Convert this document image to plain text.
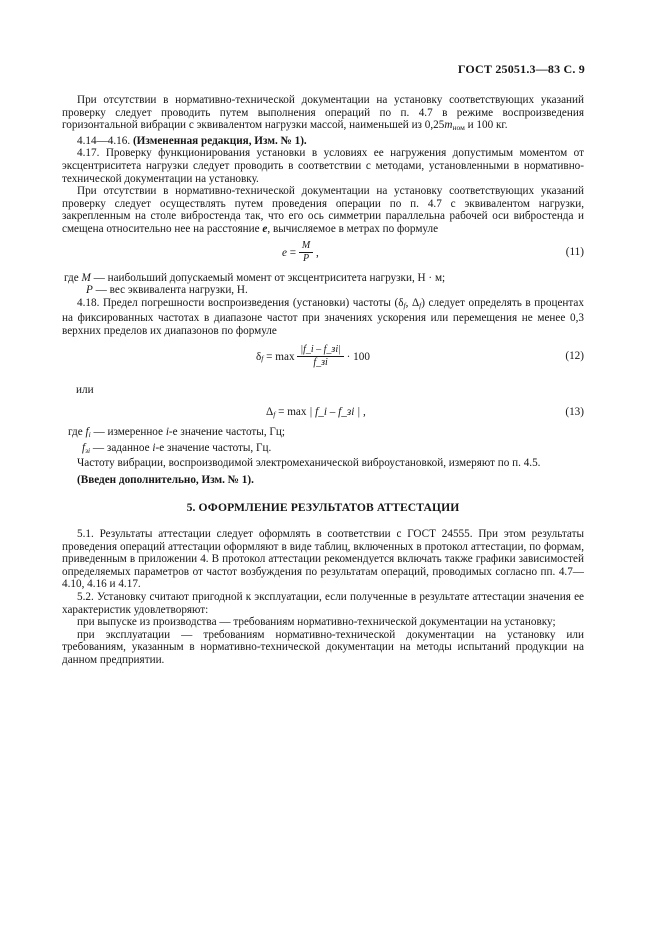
ГОСТ 25051.3—83 С. 9

При отсутствии в нормативно-технической документации на установку соответствующих указаний проверку следует проводить путем выполнения операций по п. 4.7 в режиме воспроизведения горизонтальной вибрации с эквивалентом нагрузки массой, наименьшей из $0,25m_{ном}$ и 100 кг.

4.14—4.16. (Измененная редакция, Изм. № 1).

4.17. Проверку функционирования установки в условиях ее нагружения допустимым моментом от эксцентриситета нагрузки следует проводить в соответствии с методами, установленными в нормативно-технической документации на установку.

При отсутствии в нормативно-технической документации на установку соответствующих указаний проверку следует осуществлять путем проведения операции по п. 4.7 с эквивалентом нагрузки, закрепленным на столе вибростенда так, что его ось симметрии параллельна рабочей оси вибростенда и смещена относительно нее на расстояние e, вычисляемое в метрах по формуле

$e = \frac{M}{P}$ ,	(11)

где M — наибольший допускаемый момент от эксцентриситета нагрузки, Н · м;

P — вес эквивалента нагрузки, Н.

4.18. Предел погрешности воспроизведения (установки) частоты ($\delta_f$, $\Delta_f$) следует определять в процентах на фиксированных частотах в диапазоне частот при значениях ускорения или перемещения не менее 0,3 верхних пределов их диапазонов по формуле

$\delta_f = \max \frac{|f\_i - f\_зi|}{f\_зi} \cdot 100$	(12)

или

$\Delta_f = \max$ | f_i – f_зi | ,	(13)

где $f_i$ — измеренное i-е значение частоты, Гц;

$f_{зi}$ — заданное i-е значение частоты, Гц.

Частоту вибрации, воспроизводимой электромеханической виброустановкой, измеряют по п. 4.5.

(Введен дополнительно, Изм. № 1).

5. ОФОРМЛЕНИЕ РЕЗУЛЬТАТОВ АТТЕСТАЦИИ

5.1. Результаты аттестации следует оформлять в соответствии с ГОСТ 24555. При этом результаты проведения операций аттестации оформляют в виде таблиц, включенных в протокол аттестации, по формам, приведенным в приложении 4. В протокол аттестации рекомендуется включать также графики зависимостей определяемых параметров от частот возбуждения по результатам операций, проводимых согласно пп. 4.7—4.10, 4.16 и 4.17.

5.2. Установку считают пригодной к эксплуатации, если полученные в результате аттестации значения ее характеристик удовлетворяют:

при выпуске из производства — требованиям нормативно-технической документации на установку;

при эксплуатации — требованиям нормативно-технической документации на установку или требованиям, указанным в нормативно-технической документации на методы испытаний продукции на данном предприятии.
